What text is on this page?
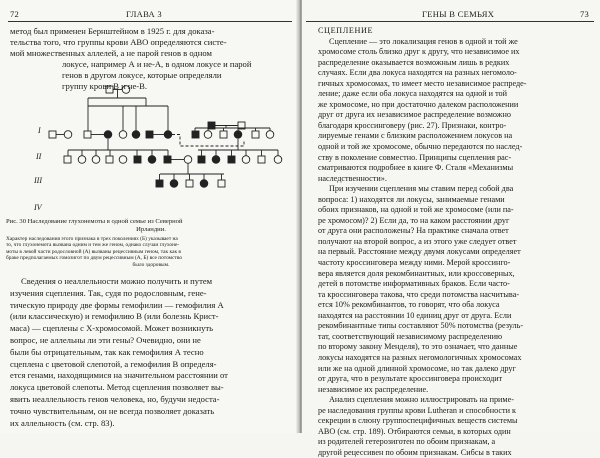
72	ГЛАВА 3
метод был применен Бернштейном в 1925 г. для доказа-
тельства того, что группы крови АВО определяются систе-
мой множественных аллелей, а не парой генов в одном
локусе, например А и не-А, в одном локусе и парой
генов в другом локусе, которые определяли
группу крови В и не-В.
I
II
III
IV
Рис. 30 Наследование глухонемоты в одной семье из Северной
Ирландии.
Характер наследования этого признака в трех поколениях (Б) указывает на
то, что глухонемота вызвана одним и тем же геном, однако случаи глухоне-
моты в левой части родословной (А) вызваны рецессивным геном, так как в
браке предполагаемых гомозигот по двум рецессивным (А, Б) все потомство
было здоровым.
Сведения о неаллельности можно получить и путем
изучения сцепления. Так, судя по родословным, гене-
тическую природу две формы гемофилии — гемофилия А
(или классическую) и гемофилию В (или болезнь Крист-
маса) — сцеплены с Х-хромосомой. Может возникнуть
вопрос, не аллельны ли эти гены? Очевидно, они не
были бы отрицательным, так как гемофилия А тесно
сцеплена с цветовой слепотой, а гемофилия В определя-
ется генами, находящимися на значительном расстоянии от
локуса цветовой слепоты. Метод сцепления позволяет вы-
явить неаллельность генов человека, но, будучи недоста-
точно чувствительным, он не всегда позволяет доказать
их аллельность (см. стр. 83).
ГЕНЫ В СЕМЬЯХ	73
СЦЕПЛЕНИЕ
Сцепление — это локализация генов в одной и той же
хромосоме столь близко друг к другу, что независимое их
распределение оказывается возможным лишь в редких
случаях. Если два локуса находятся на разных негомоло-
гичных хромосомах, то имеет место независимое распреде-
ление; даже если оба локуса находятся на одной и той
же хромосоме, но при достаточно далеком расположении
друг от друга их независимое распределение возможно
благодаря кроссинговеру (рис. 27). Признаки, контро-
лируемые генами с близким расположением локусов на
одной и той же хромосоме, обычно передаются по наслед-
ству в поколение совместно. Принципы сцепления рас-
сматриваются подробнее в книге Ф. Сталя «Механизмы
наследственности».
При изучении сцепления мы ставим перед собой два
вопроса: 1) находятся ли локусы, занимаемые генами
обоих признаков, на одной и той же хромосоме (или па-
ре хромосом)? 2) Если да, то на каком расстоянии друг
от друга они расположены? На практике сначала ответ
получают на второй вопрос, а из этого уже следует ответ
на первый. Расстояние между двумя локусами определяет
частоту кроссинговера между ними. Мерой кроссинго-
вера является доля рекомбинантных, или кроссоверных,
детей в потомстве информативных браков. Если часто-
та кроссинговера такова, что среди потомства насчитыва-
ется 10% рекомбинантов, то говорят, что оба локуса
находятся на расстоянии 10 единиц друг от друга. Если
рекомбинантные типы составляют 50% потомства (резуль-
тат, соответствующий независимому распределению
по второму закону Менделя), то это означает, что данные
локусы находятся на разных негомологичных хромосомах
или же на одной длинной хромосоме, но так далеко друг
от друга, что в результате кроссинговера происходит
независимое их распределение.
Анализ сцепления можно иллюстрировать на приме-
ре наследования группы крови Lutheran и способности к
секреции в слюну группоспецифичных веществ системы
АВО (см. стр. 189). Отбираются семьи, в которых один
из родителей гетерозиготен по обоим признакам, а
другой рецессивен по обоим признакам. Сибсы в таких
